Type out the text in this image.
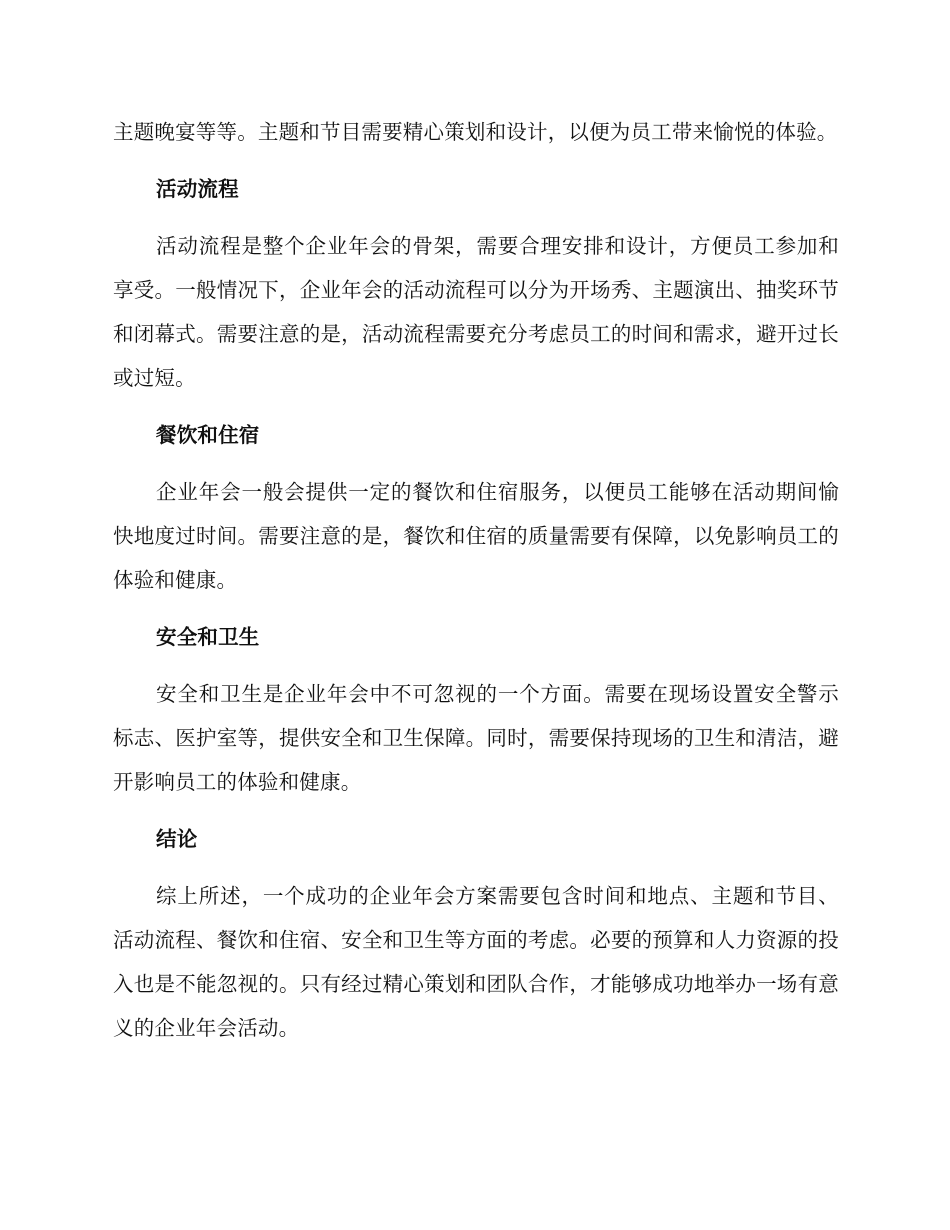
主题晚宴等等。主题和节目需要精心策划和设计，以便为员工带来愉悦的体验。

活动流程

活动流程是整个企业年会的骨架，需要合理安排和设计，方便员工参加和享受。一般情况下，企业年会的活动流程可以分为开场秀、主题演出、抽奖环节和闭幕式。需要注意的是，活动流程需要充分考虑员工的时间和需求，避开过长或过短。

餐饮和住宿

企业年会一般会提供一定的餐饮和住宿服务，以便员工能够在活动期间愉快地度过时间。需要注意的是，餐饮和住宿的质量需要有保障，以免影响员工的体验和健康。

安全和卫生

安全和卫生是企业年会中不可忽视的一个方面。需要在现场设置安全警示标志、医护室等，提供安全和卫生保障。同时，需要保持现场的卫生和清洁，避开影响员工的体验和健康。

结论

综上所述，一个成功的企业年会方案需要包含时间和地点、主题和节目、活动流程、餐饮和住宿、安全和卫生等方面的考虑。必要的预算和人力资源的投入也是不能忽视的。只有经过精心策划和团队合作，才能够成功地举办一场有意义的企业年会活动。
